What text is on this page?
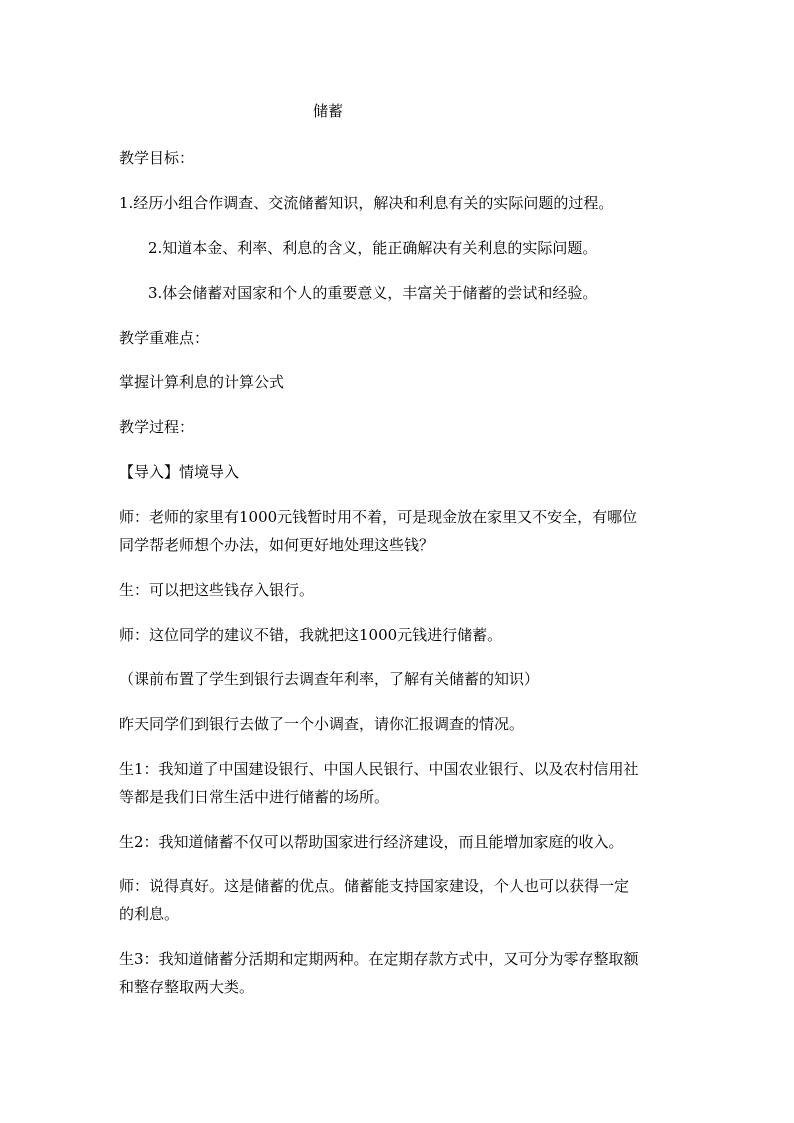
储蓄
教学目标：
1.经历小组合作调查、交流储蓄知识，解决和利息有关的实际问题的过程。
2.知道本金、利率、利息的含义，能正确解决有关利息的实际问题。
3.体会储蓄对国家和个人的重要意义，丰富关于储蓄的尝试和经验。
教学重难点：
掌握计算利息的计算公式
教学过程：
【导入】情境导入
师：老师的家里有1000元钱暂时用不着，可是现金放在家里又不安全，有哪位
同学帮老师想个办法，如何更好地处理这些钱？
生：可以把这些钱存入银行。
师：这位同学的建议不错，我就把这1000元钱进行储蓄。
（课前布置了学生到银行去调查年利率，了解有关储蓄的知识）
昨天同学们到银行去做了一个小调查，请你汇报调查的情况。
生1：我知道了中国建设银行、中国人民银行、中国农业银行、以及农村信用社
等都是我们日常生活中进行储蓄的场所。
生2：我知道储蓄不仅可以帮助国家进行经济建设，而且能增加家庭的收入。
师：说得真好。这是储蓄的优点。储蓄能支持国家建设，个人也可以获得一定
的利息。
生3：我知道储蓄分活期和定期两种。在定期存款方式中，又可分为零存整取额
和整存整取两大类。
